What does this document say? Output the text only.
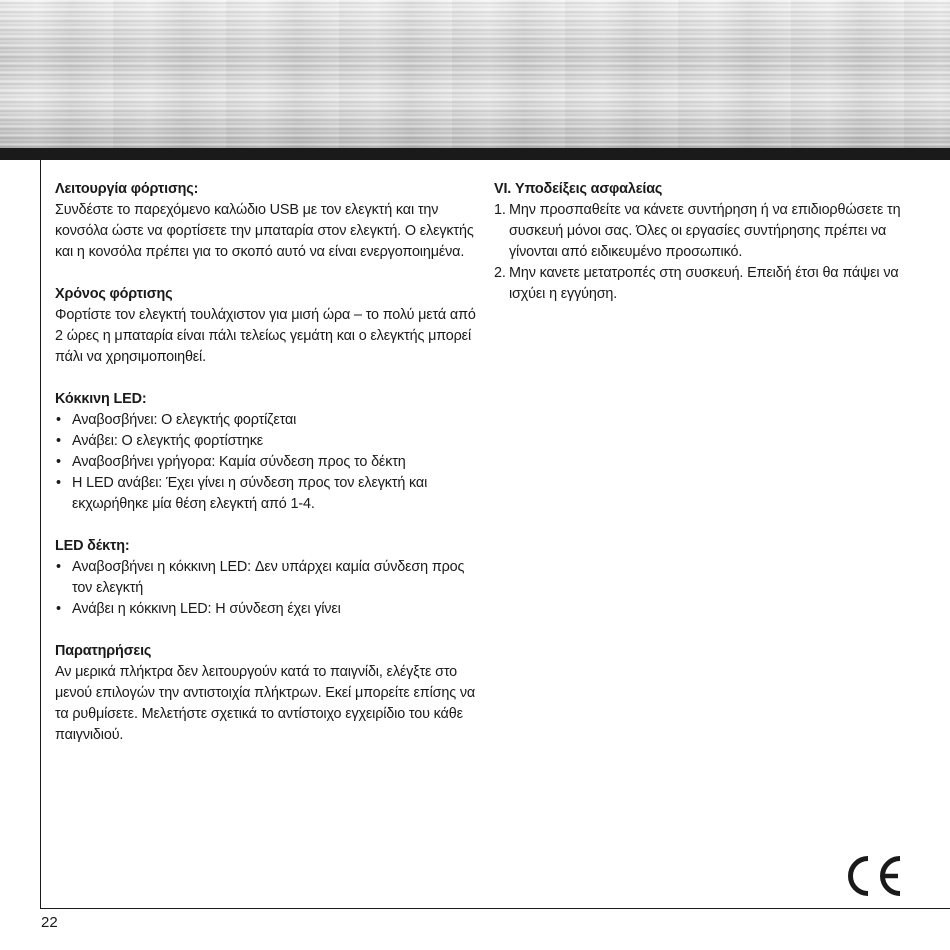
Λειτουργία φόρτισης:

Συνδέστε το παρεχόμενο καλώδιο USB με τον ελεγκτή και την κονσόλα ώστε να φορτίσετε την μπαταρία στον ελεγκτή. Ο ελεγκτής και η κονσόλα πρέπει για το σκοπό αυτό να είναι ενεργοποιημένα.

Χρόνος φόρτισης

Φορτίστε τον ελεγκτή τουλάχιστον για μισή ώρα – το πολύ μετά από 2 ώρες η μπαταρία είναι πάλι τελείως γεμάτη και ο ελεγκτής μπορεί πάλι να χρησιμοποιηθεί.

Κόκκινη LED:

• Αναβοσβήνει: Ο ελεγκτής φορτίζεται
• Ανάβει: Ο ελεγκτής φορτίστηκε
• Αναβοσβήνει γρήγορα: Καμία σύνδεση προς το δέκτη
• Η LED ανάβει: Έχει γίνει η σύνδεση προς τον ελεγκτή και εκχωρήθηκε μία θέση ελεγκτή από 1-4.

LED δέκτη:

• Αναβοσβήνει η κόκκινη LED: Δεν υπάρχει καμία σύνδεση προς τον ελεγκτή
• Ανάβει η κόκκινη LED: Η σύνδεση έχει γίνει

Παρατηρήσεις

Αν μερικά πλήκτρα δεν λειτουργούν κατά το παιγνίδι, ελέγξτε στο μενού επιλογών την αντιστοιχία πλήκτρων. Εκεί μπορείτε επίσης να τα ρυθμίσετε. Μελετήστε σχετικά το αντίστοιχο εγχειρίδιο του κάθε παιγνιδιού.

VI. Υποδείξεις ασφαλείας

1. Μην προσπαθείτε να κάνετε συντήρηση ή να επιδιορθώσετε τη συσκευή μόνοι σας. Όλες οι εργασίες συντήρησης πρέπει να γίνονται από ειδικευμένο προσωπικό.
2. Μην κανετε μετατροπές στη συσκευή. Επειδή έτσι θα πάψει να ισχύει η εγγύηση.
22
